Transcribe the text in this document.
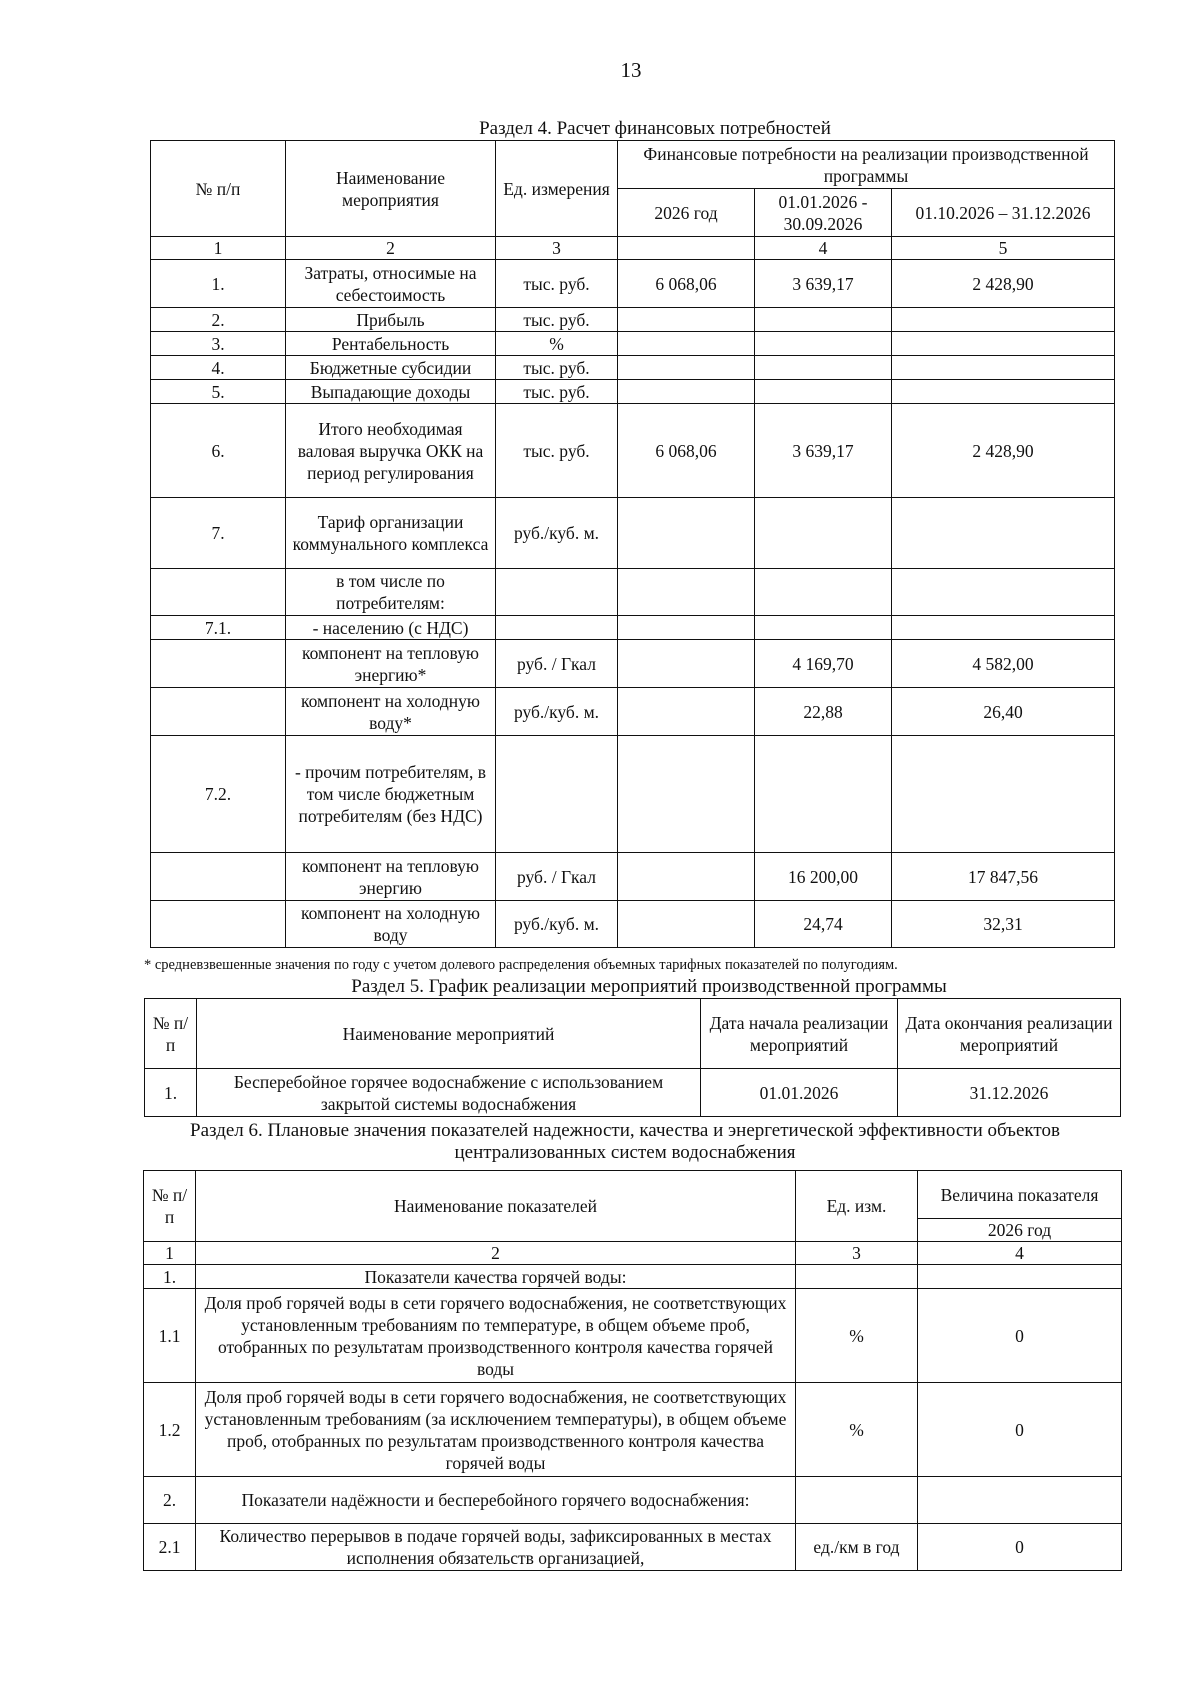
13
Раздел 4. Расчет финансовых потребностей
№ п/п	Наименование мероприятия	Ед. измерения	Финансовые потребности на реализации производственной программы		
			2026 год	01.01.2026 - 30.09.2026	01.10.2026 – 31.12.2026
1	2	3		4	5
1.	Затраты, относимые на себестоимость	тыс. руб.	6 068,06	3 639,17	2 428,90
2.	Прибыль	тыс. руб.			
3.	Рентабельность	%			
4.	Бюджетные субсидии	тыс. руб.			
5.	Выпадающие доходы	тыс. руб.			
6.	Итого необходимая валовая выручка ОКК на период регулирования	тыс. руб.	6 068,06	3 639,17	2 428,90
7.	Тариф организации коммунального комплекса	руб./куб. м.			
	в том числе по потребителям:				
7.1.	- населению (с НДС)				
	компонент на тепловую энергию*	руб. / Гкал		4 169,70	4 582,00
	компонент на холодную воду*	руб./куб. м.		22,88	26,40
7.2.	- прочим потребителям, в том числе бюджетным потребителям (без НДС)				
	компонент на тепловую энергию	руб. / Гкал		16 200,00	17 847,56
	компонент на холодную воду	руб./куб. м.		24,74	32,31
* средневзвешенные значения по году с учетом долевого распределения объемных тарифных показателей по полугодиям.
Раздел 5. График реализации мероприятий производственной программы
№ п/п	Наименование мероприятий	Дата начала реализации мероприятий	Дата окончания реализации мероприятий
1.	Бесперебойное горячее водоснабжение с использованием закрытой системы водоснабжения	01.01.2026	31.12.2026
Раздел 6. Плановые значения показателей надежности, качества и энергетической эффективности объектов централизованных систем водоснабжения
№ п/п	Наименование показателей	Ед. изм.	Величина показателя
			2026 год
1	2	3	4
1.	Показатели качества горячей воды:		
1.1	Доля проб горячей воды в сети горячего водоснабжения, не соответствующих установленным требованиям по температуре, в общем объеме проб, отобранных по результатам производственного контроля качества горячей воды	%	0
1.2	Доля проб горячей воды в сети горячего водоснабжения, не соответствующих установленным требованиям (за исключением температуры), в общем объеме проб, отобранных по результатам производственного контроля качества горячей воды	%	0
2.	Показатели надёжности и бесперебойного горячего водоснабжения:		
2.1	Количество перерывов в подаче горячей воды, зафиксированных в местах исполнения обязательств организацией,	ед./км в год	0
